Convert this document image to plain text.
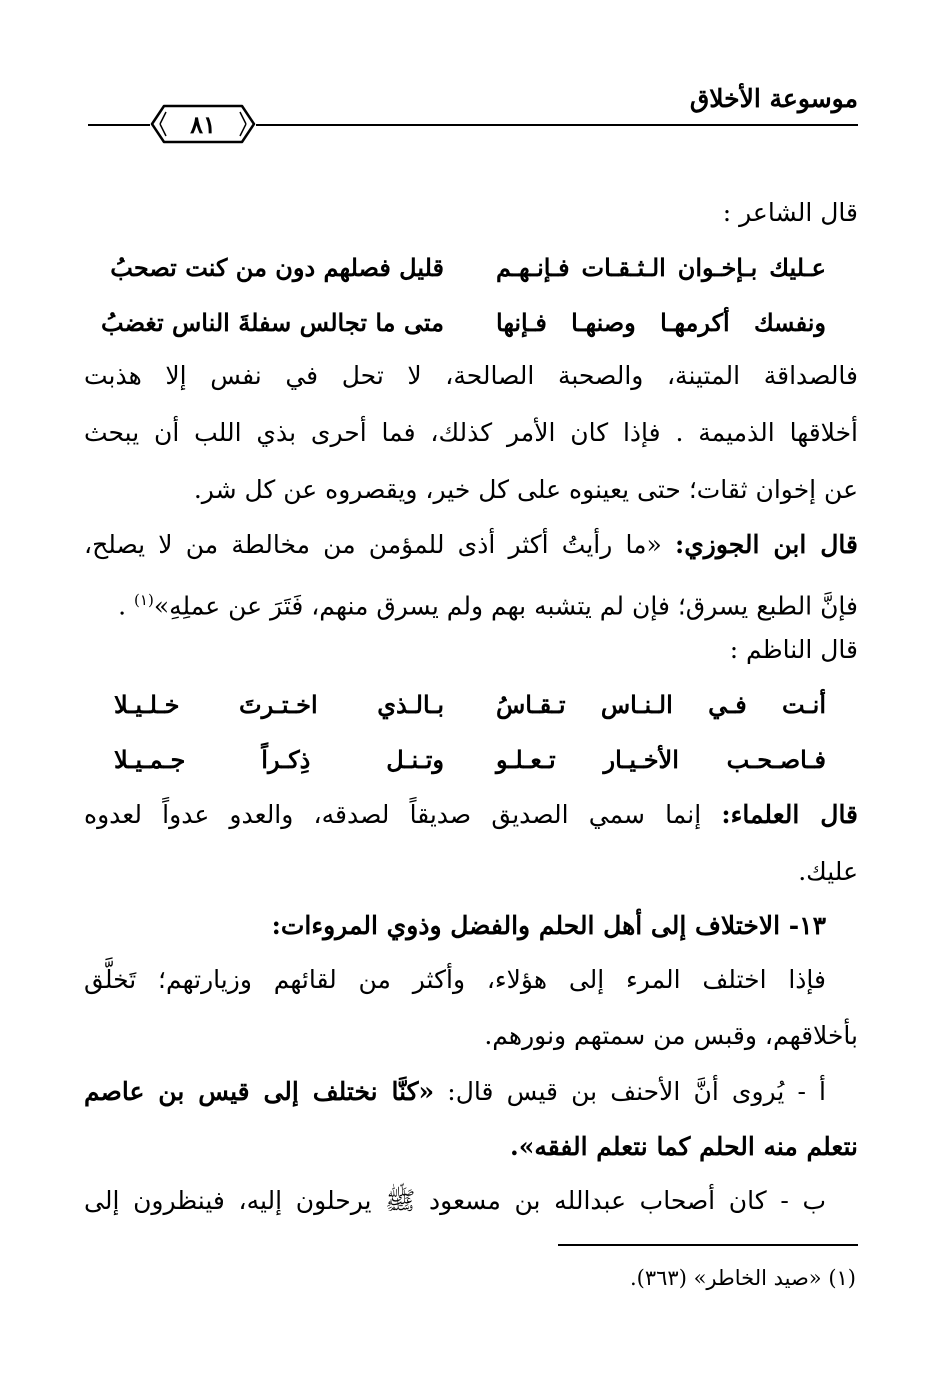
موسوعة الأخلاق
٨١
قال الشاعر :
عـليك بـإخـوان الـثـقـات فـإنـهـم
قليل فصلهم دون من كنت تصحبُ
ونفسك أكرمهـا وصنهـا فـإنها
متى ما تجالس سفلةَ الناس تغضبُ
فالصداقة المتينة، والصحبة الصالحة، لا تحل في نفس إلا هذبت
أخلاقها الذميمة . فإذا كان الأمر كذلك، فما أحرى بذي اللب أن يبحث
عن إخوان ثقات؛ حتى يعينوه على كل خير، ويقصروه عن كل شر.
قال ابن الجوزي: «ما رأيتُ أكثر أذى للمؤمن من مخالطة من لا يصلح،
فإنَّ الطبع يسرق؛ فإن لم يتشبه بهم ولم يسرق منهم، فَتَرَ عن عملِهِ»$^{(١)}$ .
قال الناظم :
أنـت فـي الـنـاس تـقـاسُ
بـالـذي اخـتـرتَ خـلـيـلا
فـاصـحـب الأخـيـار تـعـلـو
وتـنـل ذِكـراً جـمـيـلا
قال العلماء: إنما سمي الصديق صديقاً لصدقه، والعدو عدواً لعدوه
عليك.
١٣- الاختلاف إلى أهل الحلم والفضل وذوي المروءات:
فإذا اختلف المرء إلى هؤلاء، وأكثر من لقائهم وزيارتهم؛ تَخلَّق
بأخلاقهم، وقبس من سمتهم ونورهم.
أ - يُروى أنَّ الأحنف بن قيس قال: «كنَّا نختلف إلى قيس بن عاصم
نتعلم منه الحلم كما نتعلم الفقه».
ب - كان أصحاب عبدالله بن مسعود ﷺ يرحلون إليه، فينظرون إلى
(١) «صيد الخاطر» (٣٦٣).
